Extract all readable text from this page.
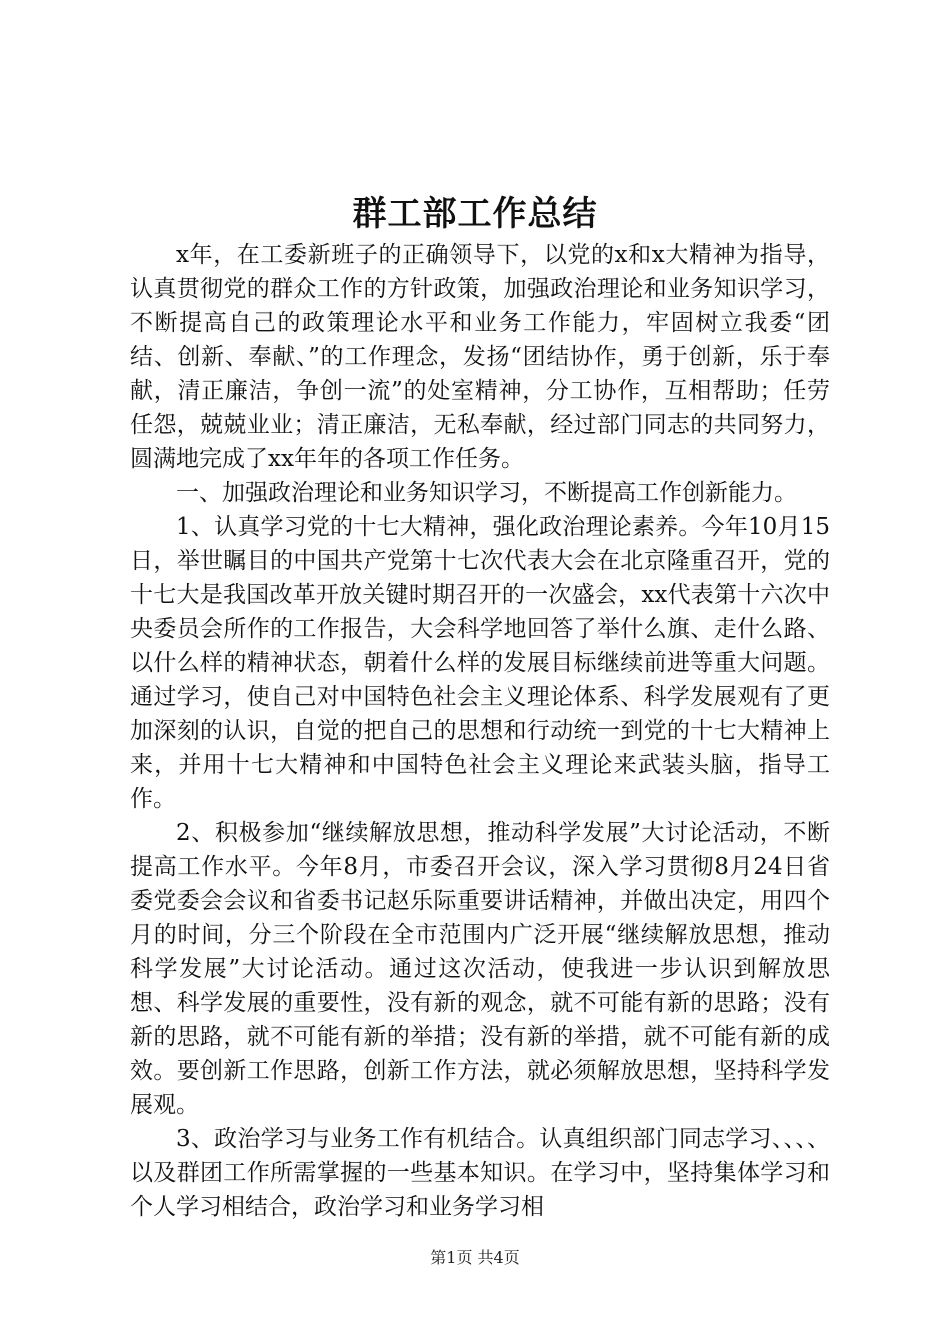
群工部工作总结

x年，在工委新班子的正确领导下，以党的x和x大精神为指导，认真贯彻党的群众工作的方针政策，加强政治理论和业务知识学习，不断提高自己的政策理论水平和业务工作能力，牢固树立我委“团结、创新、奉献、”的工作理念，发扬“团结协作，勇于创新，乐于奉献，清正廉洁，争创一流”的处室精神，分工协作，互相帮助；任劳任怨，兢兢业业；清正廉洁，无私奉献，经过部门同志的共同努力，圆满地完成了xx年年的各项工作任务。

一、加强政治理论和业务知识学习，不断提高工作创新能力。

1、认真学习党的十七大精神，强化政治理论素养。今年10月15日，举世瞩目的中国共产党第十七次代表大会在北京隆重召开，党的十七大是我国改革开放关键时期召开的一次盛会，xx代表第十六次中央委员会所作的工作报告，大会科学地回答了举什么旗、走什么路、以什么样的精神状态，朝着什么样的发展目标继续前进等重大问题。通过学习，使自己对中国特色社会主义理论体系、科学发展观有了更加深刻的认识，自觉的把自己的思想和行动统一到党的十七大精神上来，并用十七大精神和中国特色社会主义理论来武装头脑，指导工作。

2、积极参加“继续解放思想，推动科学发展”大讨论活动，不断提高工作水平。今年8月，市委召开会议，深入学习贯彻8月24日省委党委会会议和省委书记赵乐际重要讲话精神，并做出决定，用四个月的时间，分三个阶段在全市范围内广泛开展“继续解放思想，推动科学发展”大讨论活动。通过这次活动，使我进一步认识到解放思想、科学发展的重要性，没有新的观念，就不可能有新的思路；没有新的思路，就不可能有新的举措；没有新的举措，就不可能有新的成效。要创新工作思路，创新工作方法，就必须解放思想，坚持科学发展观。

3、政治学习与业务工作有机结合。认真组织部门同志学习、、、、以及群团工作所需掌握的一些基本知识。在学习中，坚持集体学习和个人学习相结合，政治学习和业务学习相

第1页 共4页
